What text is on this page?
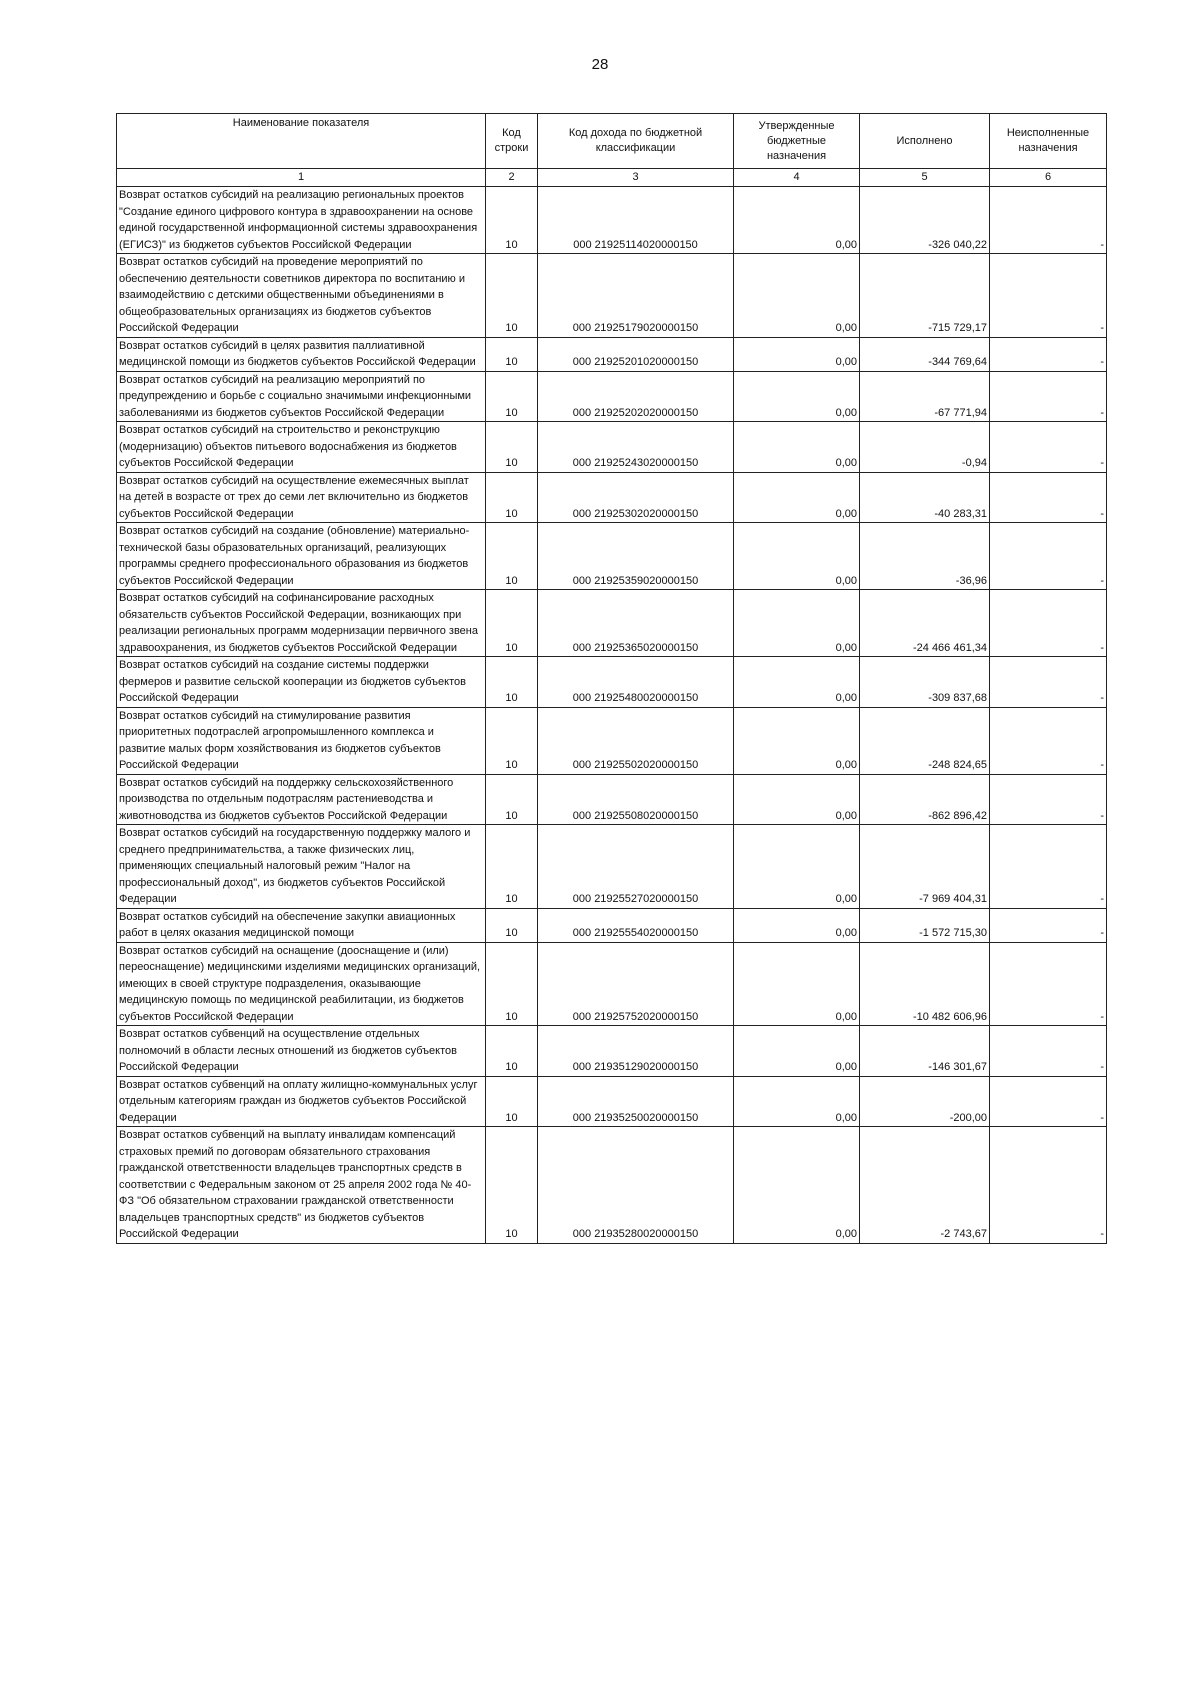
28
Наименование показателя	Код строки	Код дохода по бюджетной классификации	Утвержденные бюджетные назначения	Исполнено	Неисполненные назначения
1	2	3	4	5	6
Возврат остатков субсидий на реализацию региональных проектов "Создание единого цифрового контура в здравоохранении на основе единой государственной информационной системы здравоохранения (ЕГИСЗ)" из бюджетов субъектов Российской Федерации	10	000 21925114020000150	0,00	-326 040,22	-
Возврат остатков субсидий на проведение мероприятий по обеспечению деятельности советников директора по воспитанию и взаимодействию с детскими общественными объединениями в общеобразовательных организациях из бюджетов субъектов Российской Федерации	10	000 21925179020000150	0,00	-715 729,17	-
Возврат остатков субсидий в целях развития паллиативной медицинской помощи из бюджетов субъектов Российской Федерации	10	000 21925201020000150	0,00	-344 769,64	-
Возврат остатков субсидий на реализацию мероприятий по предупреждению и борьбе с социально значимыми инфекционными заболеваниями из бюджетов субъектов Российской Федерации	10	000 21925202020000150	0,00	-67 771,94	-
Возврат остатков субсидий на строительство и реконструкцию (модернизацию) объектов питьевого водоснабжения из бюджетов субъектов Российской Федерации	10	000 21925243020000150	0,00	-0,94	-
Возврат остатков субсидий на осуществление ежемесячных выплат на детей в возрасте от трех до семи лет включительно из бюджетов субъектов Российской Федерации	10	000 21925302020000150	0,00	-40 283,31	-
Возврат остатков субсидий на создание (обновление) материально-технической базы образовательных организаций, реализующих программы среднего профессионального образования из бюджетов субъектов Российской Федерации	10	000 21925359020000150	0,00	-36,96	-
Возврат остатков субсидий на софинансирование расходных обязательств субъектов Российской Федерации, возникающих при реализации региональных программ модернизации первичного звена здравоохранения, из бюджетов субъектов Российской Федерации	10	000 21925365020000150	0,00	-24 466 461,34	-
Возврат остатков субсидий на создание системы поддержки фермеров и развитие сельской кооперации из бюджетов субъектов Российской Федерации	10	000 21925480020000150	0,00	-309 837,68	-
Возврат остатков субсидий на стимулирование развития приоритетных подотраслей агропромышленного комплекса и развитие малых форм хозяйствования из бюджетов субъектов Российской Федерации	10	000 21925502020000150	0,00	-248 824,65	-
Возврат остатков субсидий на поддержку сельскохозяйственного производства по отдельным подотраслям растениеводства и животноводства из бюджетов субъектов Российской Федерации	10	000 21925508020000150	0,00	-862 896,42	-
Возврат остатков субсидий на государственную поддержку малого и среднего предпринимательства, а также физических лиц, применяющих специальный налоговый режим "Налог на профессиональный доход", из бюджетов субъектов Российской Федерации	10	000 21925527020000150	0,00	-7 969 404,31	-
Возврат остатков субсидий на обеспечение закупки авиационных работ в целях оказания медицинской помощи	10	000 21925554020000150	0,00	-1 572 715,30	-
Возврат остатков субсидий на оснащение (дооснащение и (или) переоснащение) медицинскими изделиями медицинских организаций, имеющих в своей структуре подразделения, оказывающие медицинскую помощь по медицинской реабилитации, из бюджетов субъектов Российской Федерации	10	000 21925752020000150	0,00	-10 482 606,96	-
Возврат остатков субвенций на осуществление отдельных полномочий в области лесных отношений из бюджетов субъектов Российской Федерации	10	000 21935129020000150	0,00	-146 301,67	-
Возврат остатков субвенций на оплату жилищно-коммунальных услуг отдельным категориям граждан из бюджетов субъектов Российской Федерации	10	000 21935250020000150	0,00	-200,00	-
Возврат остатков субвенций на выплату инвалидам компенсаций страховых премий по договорам обязательного страхования гражданской ответственности владельцев транспортных средств в соответствии с Федеральным законом от 25 апреля 2002 года № 40-ФЗ "Об обязательном страховании гражданской ответственности владельцев транспортных средств" из бюджетов субъектов Российской Федерации	10	000 21935280020000150	0,00	-2 743,67	-
